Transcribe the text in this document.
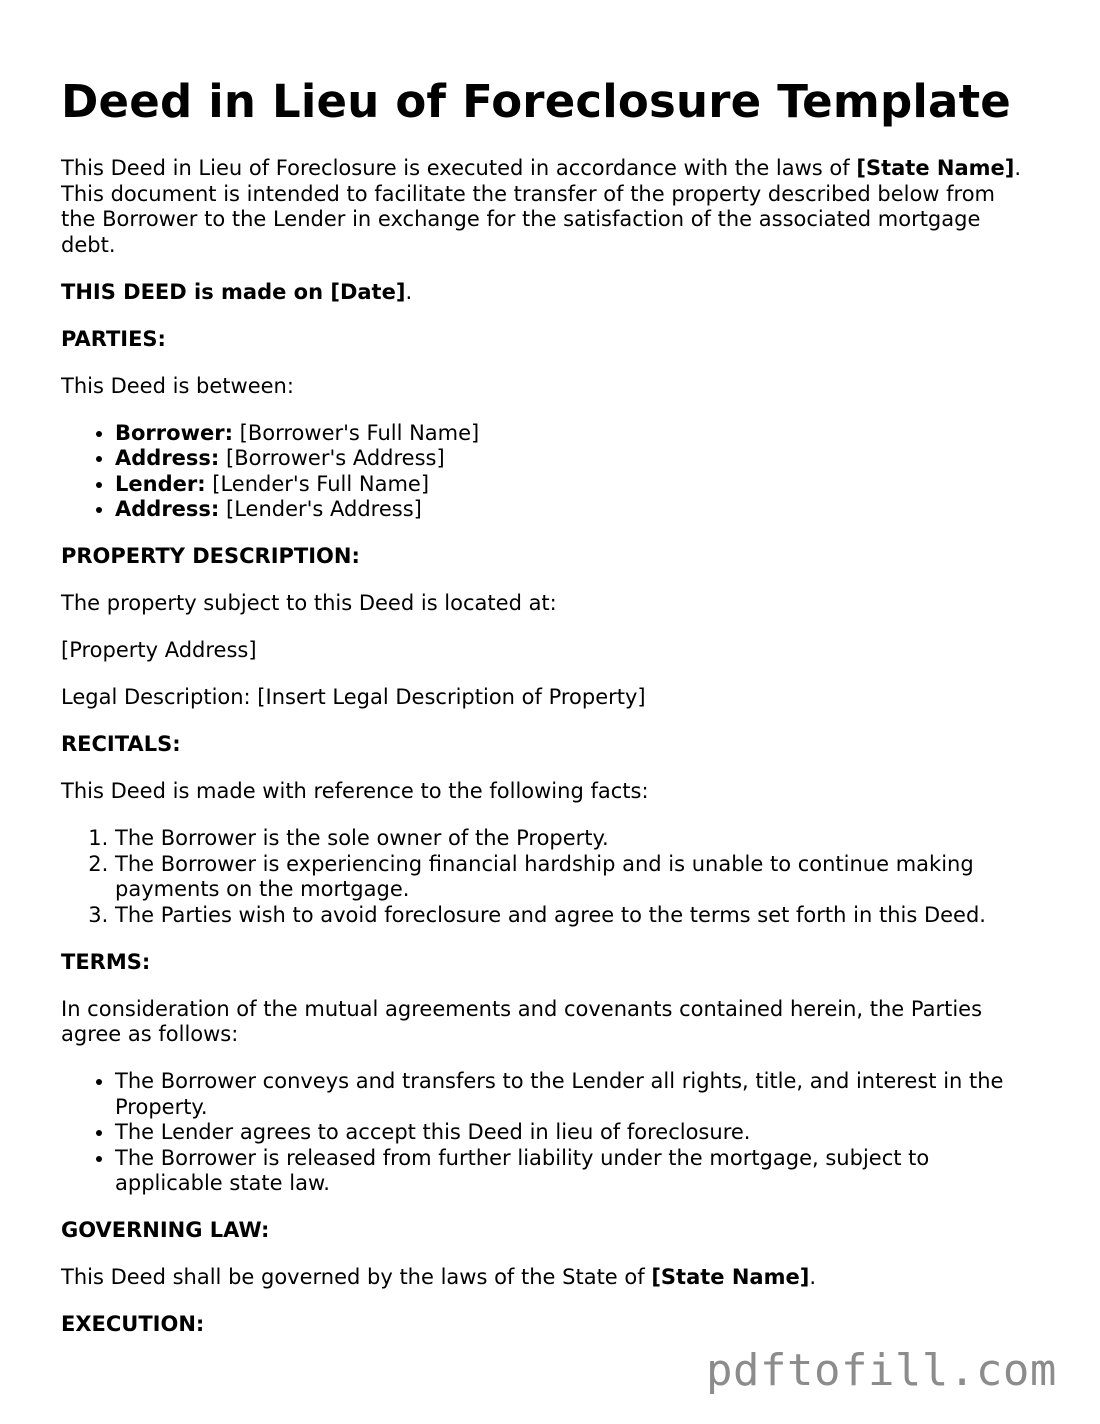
Deed in Lieu of Foreclosure Template

This Deed in Lieu of Foreclosure is executed in accordance with the laws of [State Name]. This document is intended to facilitate the transfer of the property described below from the Borrower to the Lender in exchange for the satisfaction of the associated mortgage debt.

THIS DEED is made on [Date].

PARTIES:

This Deed is between:

• Borrower: [Borrower's Full Name]
• Address: [Borrower's Address]
• Lender: [Lender's Full Name]
• Address: [Lender's Address]
PROPERTY DESCRIPTION:

The property subject to this Deed is located at:

[Property Address]

Legal Description: [Insert Legal Description of Property]

RECITALS:

This Deed is made with reference to the following facts:

1. The Borrower is the sole owner of the Property.
2. The Borrower is experiencing financial hardship and is unable to continue making payments on the mortgage.
3. The Parties wish to avoid foreclosure and agree to the terms set forth in this Deed.
TERMS:

In consideration of the mutual agreements and covenants contained herein, the Parties agree as follows:

• The Borrower conveys and transfers to the Lender all rights, title, and interest in the Property.
• The Lender agrees to accept this Deed in lieu of foreclosure.
• The Borrower is released from further liability under the mortgage, subject to applicable state law.
GOVERNING LAW:

This Deed shall be governed by the laws of the State of [State Name].

EXECUTION:
pdftofill.com
